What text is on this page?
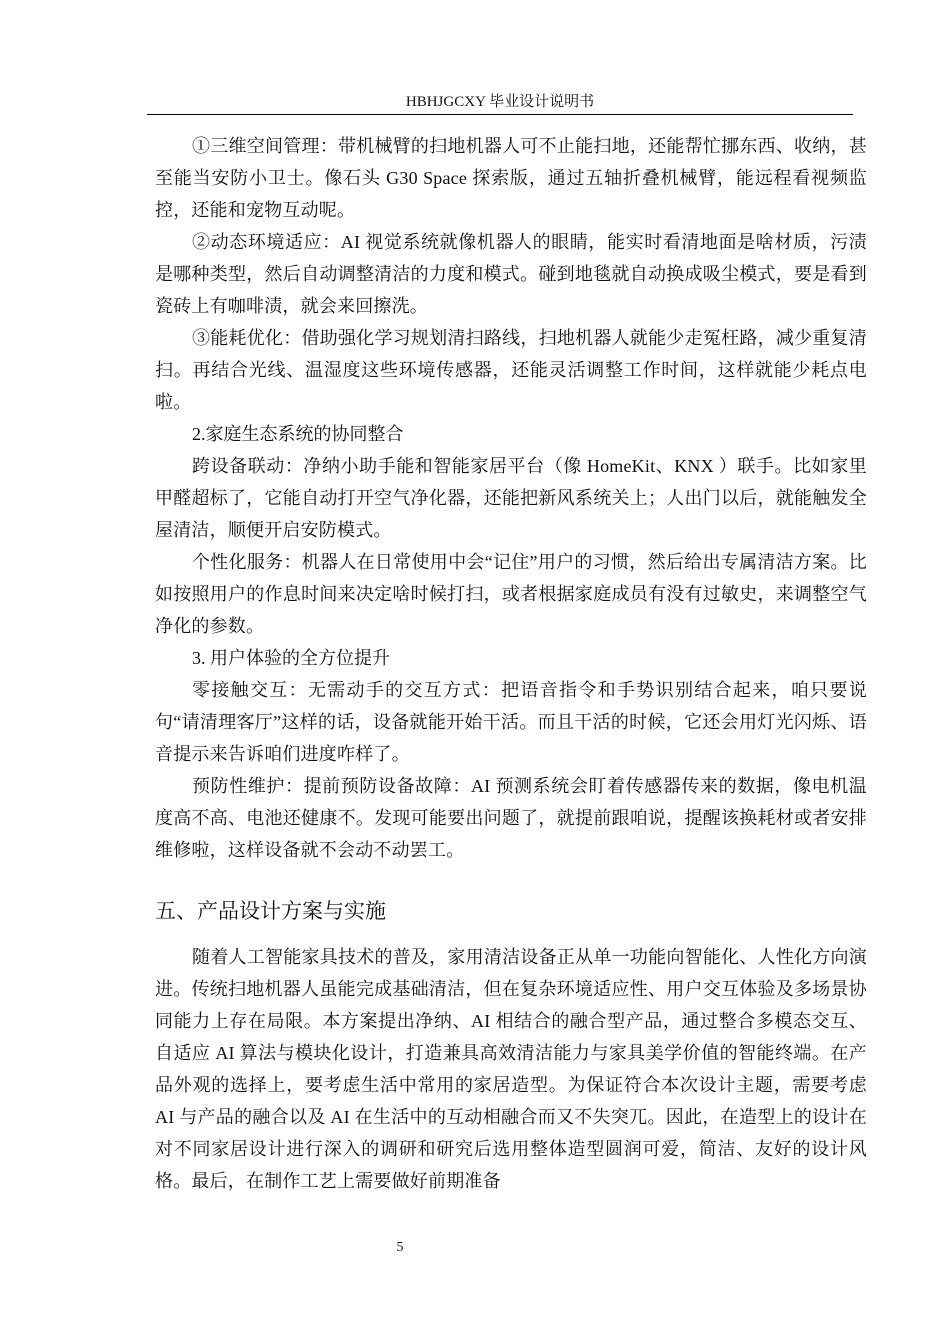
HBHJGCXY 毕业设计说明书

①三维空间管理：带机械臂的扫地机器人可不止能扫地，还能帮忙挪东西、收纳，甚至能当安防小卫士。像石头 G30 Space 探索版，通过五轴折叠机械臂，能远程看视频监控，还能和宠物互动呢。

②动态环境适应：AI 视觉系统就像机器人的眼睛，能实时看清地面是啥材质，污渍是哪种类型，然后自动调整清洁的力度和模式。碰到地毯就自动换成吸尘模式，要是看到瓷砖上有咖啡渍，就会来回擦洗。

③能耗优化：借助强化学习规划清扫路线，扫地机器人就能少走冤枉路，减少重复清扫。再结合光线、温湿度这些环境传感器，还能灵活调整工作时间，这样就能少耗点电啦。

2.家庭生态系统的协同整合

跨设备联动：净纳小助手能和智能家居平台（像 HomeKit、KNX ）联手。比如家里甲醛超标了，它能自动打开空气净化器，还能把新风系统关上；人出门以后，就能触发全屋清洁，顺便开启安防模式。

个性化服务：机器人在日常使用中会“记住”用户的习惯，然后给出专属清洁方案。比如按照用户的作息时间来决定啥时候打扫，或者根据家庭成员有没有过敏史，来调整空气净化的参数。

3. 用户体验的全方位提升

零接触交互：无需动手的交互方式：把语音指令和手势识别结合起来，咱只要说句“请清理客厅”这样的话，设备就能开始干活。而且干活的时候，它还会用灯光闪烁、语音提示来告诉咱们进度咋样了。

预防性维护：提前预防设备故障：AI 预测系统会盯着传感器传来的数据，像电机温度高不高、电池还健康不。发现可能要出问题了，就提前跟咱说，提醒该换耗材或者安排维修啦，这样设备就不会动不动罢工。

五、产品设计方案与实施

随着人工智能家具技术的普及，家用清洁设备正从单一功能向智能化、人性化方向演进。传统扫地机器人虽能完成基础清洁，但在复杂环境适应性、用户交互体验及多场景协同能力上存在局限。本方案提出净纳、AI 相结合的融合型产品，通过整合多模态交互、自适应 AI 算法与模块化设计，打造兼具高效清洁能力与家具美学价值的智能终端。在产品外观的选择上，要考虑生活中常用的家居造型。为保证符合本次设计主题，需要考虑 AI 与产品的融合以及 AI 在生活中的互动相融合而又不失突兀。因此，在造型上的设计在对不同家居设计进行深入的调研和研究后选用整体造型圆润可爱，简洁、友好的设计风格。最后，在制作工艺上需要做好前期准备

5
